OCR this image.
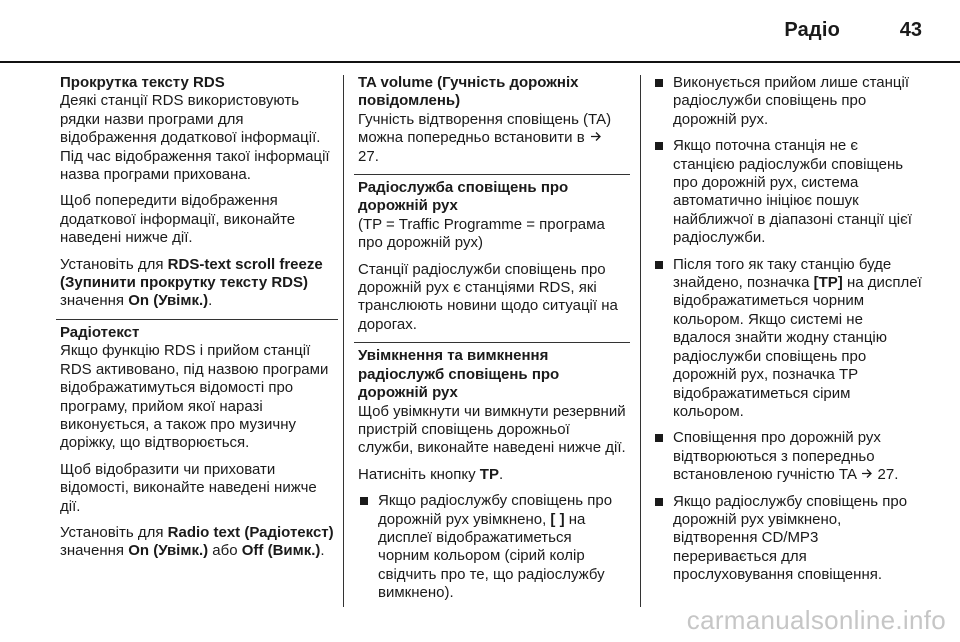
Радіо	43
Прокрутка тексту RDS

Деякі станції RDS використовують рядки назви програми для відображення додаткової інформації. Під час відображення такої інформації назва програми прихована.

Щоб попередити відображення додаткової інформації, виконайте наведені нижче дії.

Установіть для RDS-text scroll freeze (Зупинити прокрутку тексту RDS) значення On (Увімк.).

Радіотекст

Якщо функцію RDS і прийом станції RDS активовано, під назвою програми відображатимуться відомості про програму, прийом якої наразі виконується, а також про музичну доріжку, що відтворюється.

Щоб відобразити чи приховати відомості, виконайте наведені нижче дії.

Установіть для Radio text (Радіотекст) значення On (Увімк.) або Off (Вимк.).

TA volume (Гучність дорожніх повідомлень)

Гучність відтворення сповіщень (TA) можна попередньо встановити в  27.

Радіослужба сповіщень про дорожній рух

(TP = Traffic Programme = програма про дорожній рух)

Станції радіослужби сповіщень про дорожній рух є станціями RDS, які транслюють новини щодо ситуації на дорогах.

Увімкнення та вимкнення радіослужб сповіщень про дорожній рух

Щоб увімкнути чи вимкнути резервний пристрій сповіщень дорожньої служби, виконайте наведені нижче дії.

Натисніть кнопку TP.

Якщо радіослужбу сповіщень про дорожній рух увімкнено, [ ] на дисплеї відображатиметься чорним кольором (сірий колір свідчить про те, що радіослужбу вимкнено).
Виконується прийом лише станції радіослужби сповіщень про дорожній рух.
Якщо поточна станція не є станцією радіослужби сповіщень про дорожній рух, система автоматично ініціює пошук найближчої в діапазоні станції цієї радіослужби.
Після того як таку станцію буде знайдено, позначка [TP] на дисплеї відображатиметься чорним кольором. Якщо системі не вдалося знайти жодну станцію радіослужби сповіщень про дорожній рух, позначка TP відображатиметься сірим кольором.
Сповіщення про дорожній рух відтворюються з попередньо встановленою гучністю TA  27.
Якщо радіослужбу сповіщень про дорожній рух увімкнено, відтворення CD/MP3 переривається для прослуховування сповіщення.
carmanualsonline.info
